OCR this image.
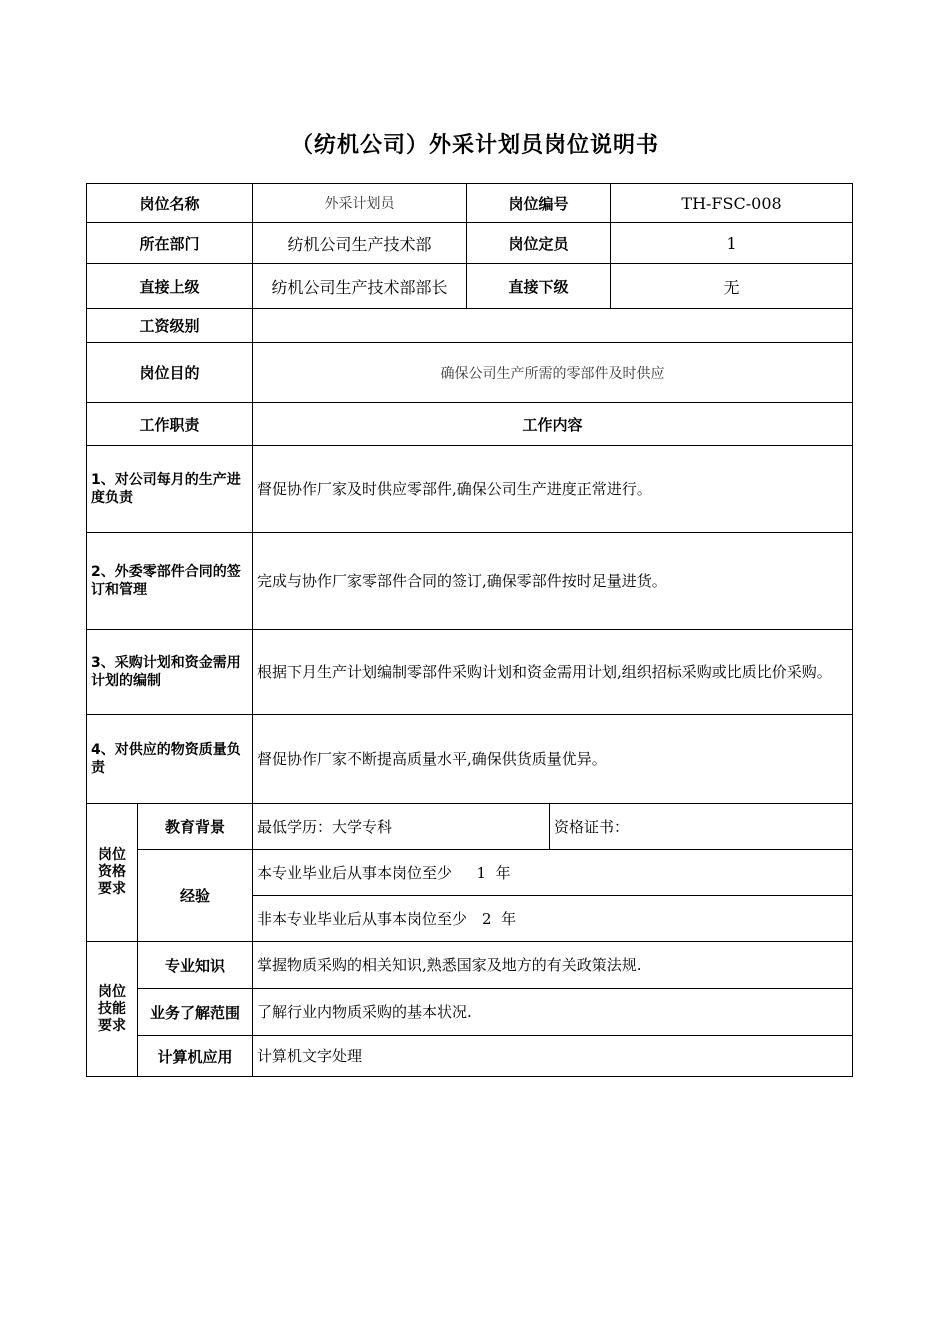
（纺机公司）外采计划员岗位说明书
岗位名称		外采计划员	岗位编号		TH-FSC-008
所在部门		纺机公司生产技术部	岗位定员		1
直接上级		纺机公司生产技术部部长	直接下级		无
工资级别					
岗位目的		确保公司生产所需的零部件及时供应			
工作职责		工作内容			
1、对公司每月的生产进度负责		督促协作厂家及时供应零部件,确保公司生产进度正常进行。			
2、外委零部件合同的签订和管理		完成与协作厂家零部件合同的签订,确保零部件按时足量进货。			
3、采购计划和资金需用计划的编制		根据下月生产计划编制零部件采购计划和资金需用计划,组织招标采购或比质比价采购。			
4、对供应的物资质量负责		督促协作厂家不断提高质量水平,确保供货质量优异。			

岗位资格要求	教育背景	最低学历：大学专科		资格证书：	
	经验	本专业毕业后从事本岗位至少　  1  年			
		非本专业毕业后从事本岗位至少　2  年			

岗位技能要求	专业知识	掌握物质采购的相关知识,熟悉国家及地方的有关政策法规.			
	业务了解范围	了解行业内物质采购的基本状况.			
	计算机应用	计算机文字处理			
